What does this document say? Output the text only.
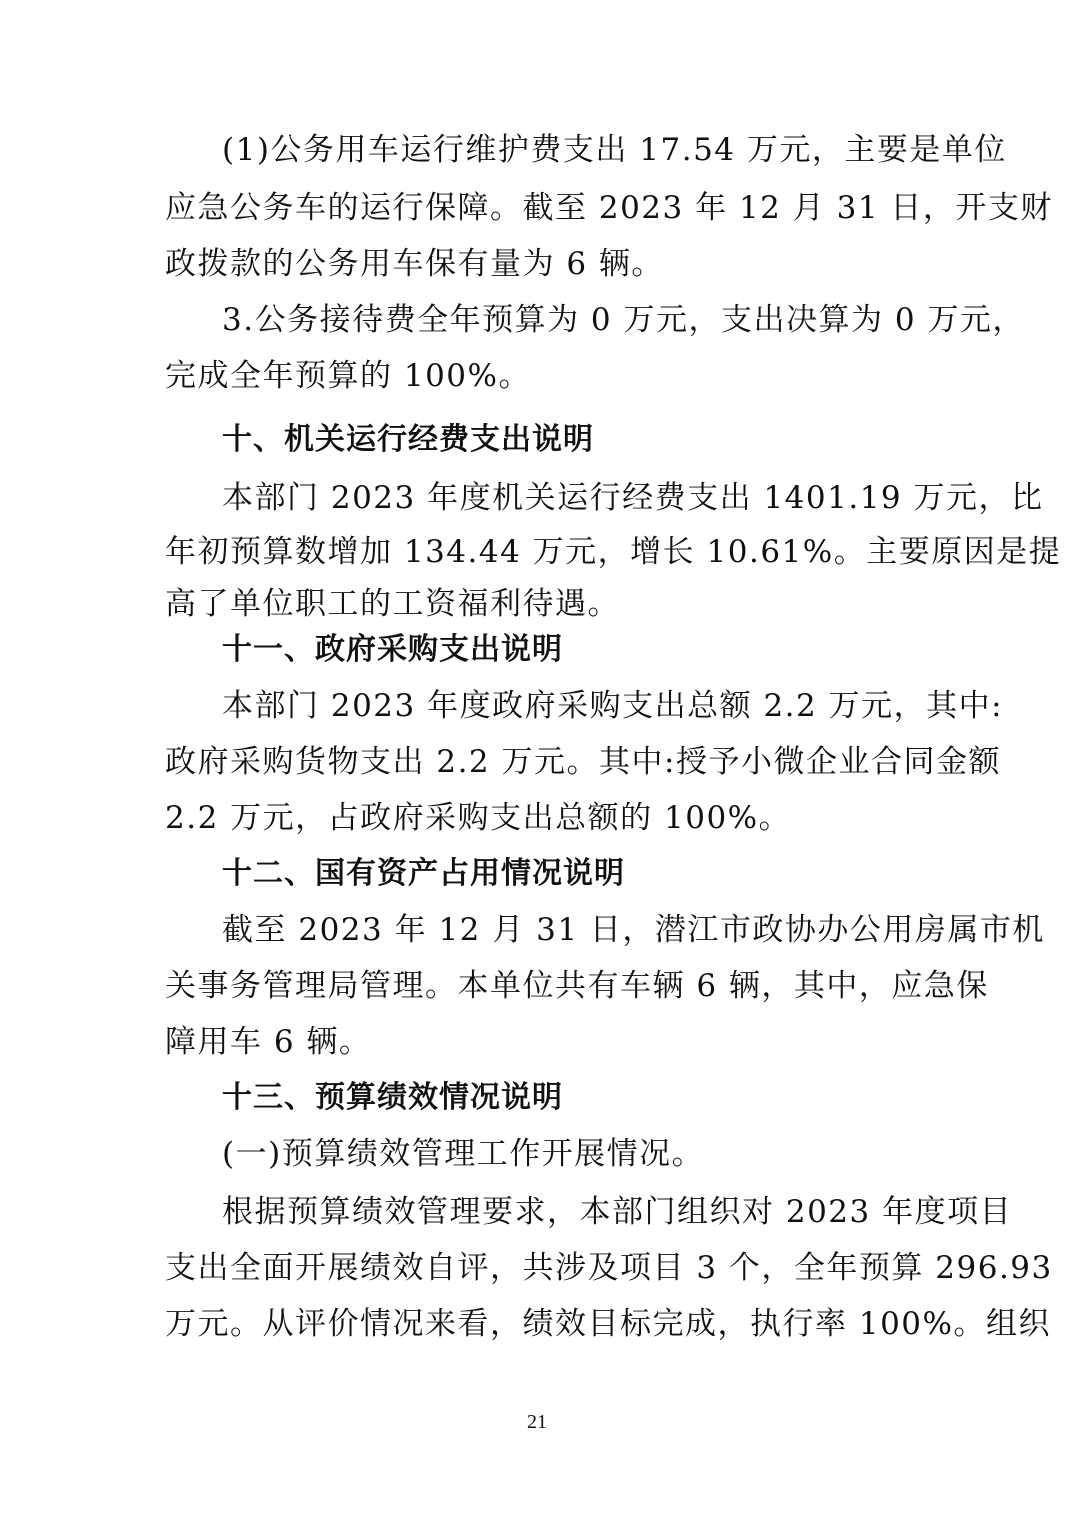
(1)公务用车运行维护费支出 17.54 万元，主要是单位
应急公务车的运行保障。截至 2023 年 12 月 31 日，开支财
政拨款的公务用车保有量为 6 辆。
3.公务接待费全年预算为 0 万元，支出决算为 0 万元，
完成全年预算的 100%。
十、机关运行经费支出说明
本部门 2023 年度机关运行经费支出 1401.19 万元，比
年初预算数增加 134.44 万元，增长 10.61%。主要原因是提
高了单位职工的工资福利待遇。
十一、政府采购支出说明
本部门 2023 年度政府采购支出总额 2.2 万元，其中:
政府采购货物支出 2.2 万元。其中:授予小微企业合同金额
2.2 万元，占政府采购支出总额的 100%。
十二、国有资产占用情况说明
截至 2023 年 12 月 31 日，潜江市政协办公用房属市机
关事务管理局管理。本单位共有车辆 6 辆，其中，应急保
障用车 6 辆。
十三、预算绩效情况说明
(一)预算绩效管理工作开展情况。
根据预算绩效管理要求，本部门组织对 2023 年度项目
支出全面开展绩效自评，共涉及项目 3 个，全年预算 296.93
万元。从评价情况来看，绩效目标完成，执行率 100%。组织
21
